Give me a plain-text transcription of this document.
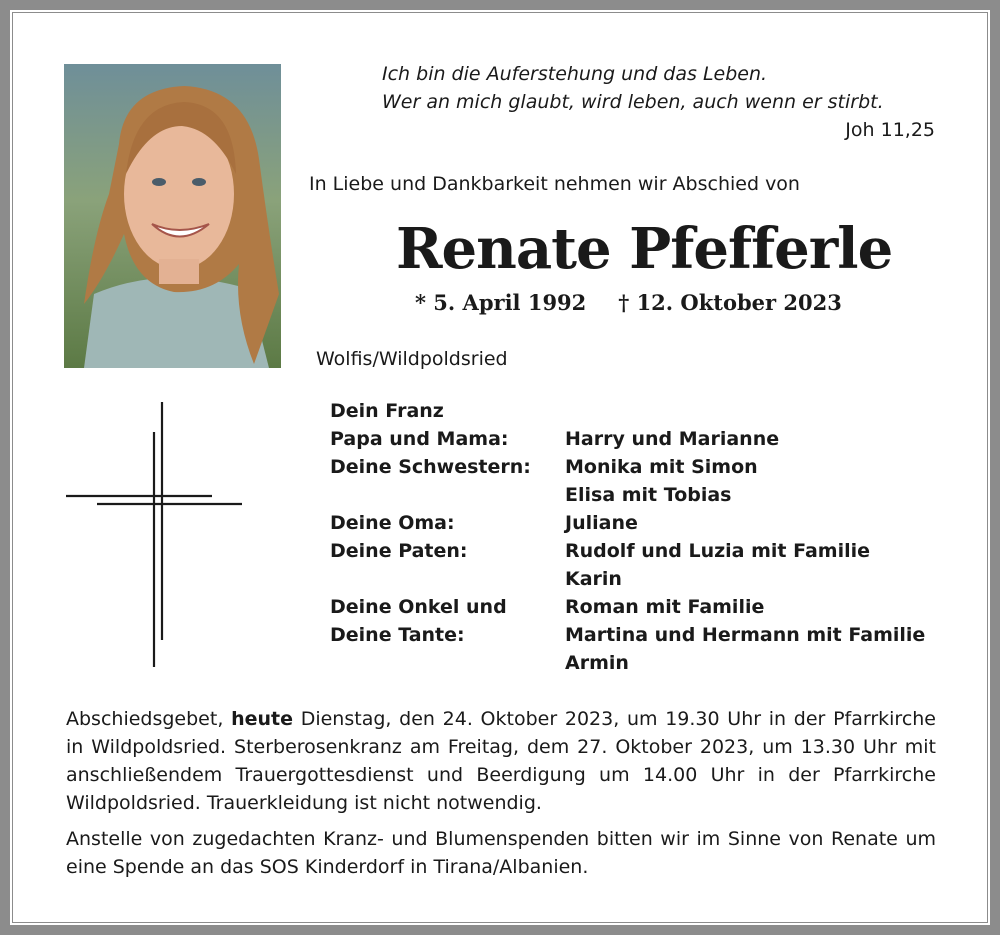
Ich bin die Auferstehung und das Leben.
Wer an mich glaubt, wird leben, auch wenn er stirbt.
Joh 11,25
In Liebe und Dankbarkeit nehmen wir Abschied von
Renate Pfefferle
* 5. April 1992 † 12. Oktober 2023
Wolfis/Wildpoldsried
Dein Franz
Papa und Mama:	Harry und Marianne
Deine Schwestern: Monika mit Simon
Elisa mit Tobias
Deine Oma:	Juliane
Deine Paten:	Rudolf und Luzia mit Familie
Karin
Deine Onkel und	Roman mit Familie
Deine Tante:	Martina und Hermann mit Familie
Armin

Abschiedsgebet, heute Dienstag, den 24. Oktober 2023, um 19.30 Uhr in der Pfarrkirche in Wildpoldsried. Sterberosenkranz am Freitag, dem 27. Oktober 2023, um 13.30 Uhr mit anschließendem Trauergottesdienst und Beerdigung um 14.00 Uhr in der Pfarrkirche Wildpoldsried. Trauerkleidung ist nicht notwendig.

Anstelle von zugedachten Kranz- und Blumenspenden bitten wir im Sinne von Renate um eine Spende an das SOS Kinderdorf in Tirana/Albanien.
